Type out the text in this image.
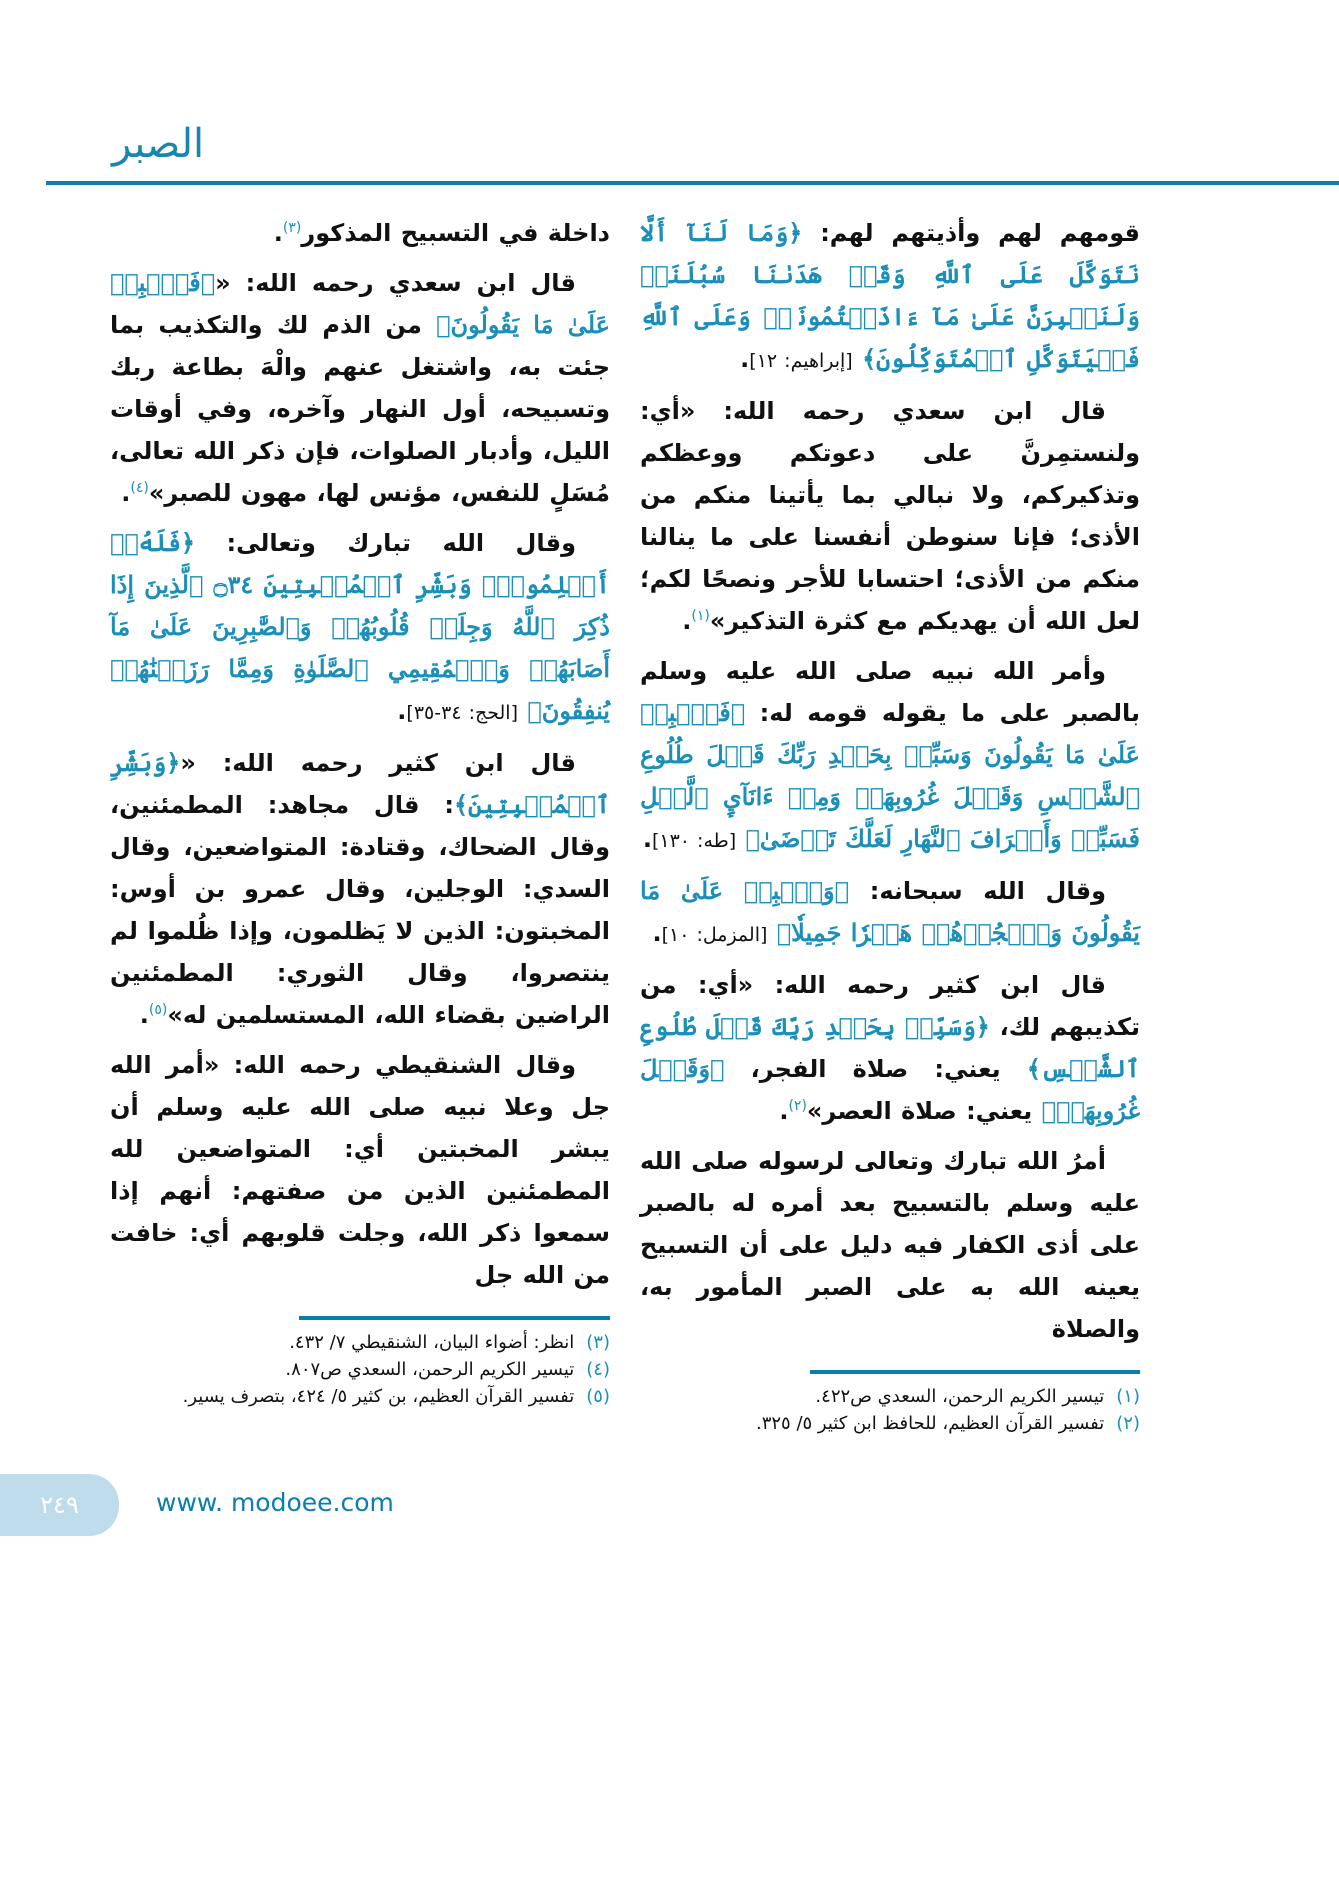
الصبر

قومهم لهم وأذيتهم لهم: ﴿وَمَا لَنَآ أَلَّا نَتَوَكَّلَ عَلَى ٱللَّهِ وَقَدۡ هَدَىٰنَا سُبُلَنَاۚ وَلَنَصۡبِرَنَّ عَلَىٰ مَآ ءَاذَيۡتُمُونَاۚ وَعَلَى ٱللَّهِ فَلۡيَتَوَكَّلِ ٱلۡمُتَوَكِّلُونَ﴾ [إبراهيم: ١٢].

قال ابن سعدي رحمه الله: «أي: ولنستمِرنَّ على دعوتكم ووعظكم وتذكيركم، ولا نبالي بما يأتينا منكم من الأذى؛ فإنا سنوطن أنفسنا على ما ينالنا منكم من الأذى؛ احتسابا للأجر ونصحًا لكم؛ لعل الله أن يهديكم مع كثرة التذكير»$^{(١)}$.

وأمر الله نبيه صلى الله عليه وسلم بالصبر على ما يقوله قومه له: ﴿فَٱصۡبِرۡ عَلَىٰ مَا يَقُولُونَ وَسَبِّحۡ بِحَمۡدِ رَبِّكَ قَبۡلَ طُلُوعِ ٱلشَّمۡسِ وَقَبۡلَ غُرُوبِهَاۖ وَمِنۡ ءَانَآيِٕ ٱلَّيۡلِ فَسَبِّحۡ وَأَطۡرَافَ ٱلنَّهَارِ لَعَلَّكَ تَرۡضَىٰ﴾ [طه: ١٣٠].

وقال الله سبحانه: ﴿وَٱصۡبِرۡ عَلَىٰ مَا يَقُولُونَ وَٱهۡجُرۡهُمۡ هَجۡرٗا جَمِيلٗا﴾ [المزمل: ١٠].

قال ابن كثير رحمه الله: «أي: من تكذيبهم لك، ﴿وَسَبِّحۡ بِحَمۡدِ رَبِّكَ قَبۡلَ طُلُوعِ ٱلشَّمۡسِ﴾ يعني: صلاة الفجر، ﴿وَقَبۡلَ غُرُوبِهَاۖ﴾ يعني: صلاة العصر»$^{(٢)}$.

أمرُ الله تبارك وتعالى لرسوله صلى الله عليه وسلم بالتسبيح بعد أمره له بالصبر على أذى الكفار فيه دليل على أن التسبيح يعينه الله به على الصبر المأمور به، والصلاة

(١)
تيسير الكريم الرحمن، السعدي ص٤٢٢.
(٢)
تفسير القرآن العظيم، للحافظ ابن كثير ٥/ ٣٢٥.

داخلة في التسبيح المذكور$^{(٣)}$.

قال ابن سعدي رحمه الله: «﴿فَٱصۡبِرۡ عَلَىٰ مَا يَقُولُونَ﴾ من الذم لك والتكذيب بما جئت به، واشتغل عنهم والْهَ بطاعة ربك وتسبيحه، أول النهار وآخره، وفي أوقات الليل، وأدبار الصلوات، فإن ذكر الله تعالى، مُسَلٍ للنفس، مؤنس لها، مهون للصبر»$^{(٤)}$.

وقال الله تبارك وتعالى: ﴿فَلَهُۥٓ أَسۡلِمُواْۗ وَبَشِّرِ ٱلۡمُخۡبِتِينَ ۝٣٤ ٱلَّذِينَ إِذَا ذُكِرَ ٱللَّهُ وَجِلَتۡ قُلُوبُهُمۡ وَٱلصَّٰبِرِينَ عَلَىٰ مَآ أَصَابَهُمۡ وَٱلۡمُقِيمِي ٱلصَّلَوٰةِ وَمِمَّا رَزَقۡنَٰهُمۡ يُنفِقُونَ﴾ [الحج: ٣٤-٣٥].

قال ابن كثير رحمه الله: «﴿وَبَشِّرِ ٱلۡمُخۡبِتِينَ﴾: قال مجاهد: المطمئنين، وقال الضحاك، وقتادة: المتواضعين، وقال السدي: الوجلين، وقال عمرو بن أوس: المخبتون: الذين لا يَظلمون، وإذا ظُلموا لم ينتصروا، وقال الثوري: المطمئنين الراضين بقضاء الله، المستسلمين له»$^{(٥)}$.

وقال الشنقيطي رحمه الله: «أمر الله جل وعلا نبيه صلى الله عليه وسلم أن يبشر المخبتين أي: المتواضعين لله المطمئنين الذين من صفتهم: أنهم إذا سمعوا ذكر الله، وجلت قلوبهم أي: خافت من الله جل

(٣)
انظر: أضواء البيان، الشنقيطي ٧/ ٤٣٢.
(٤)
تيسير الكريم الرحمن، السعدي ص٨٠٧.
(٥)
تفسير القرآن العظيم، بن كثير ٥/ ٤٢٤، بتصرف يسير.
٢٤٩	www. modoee.com
